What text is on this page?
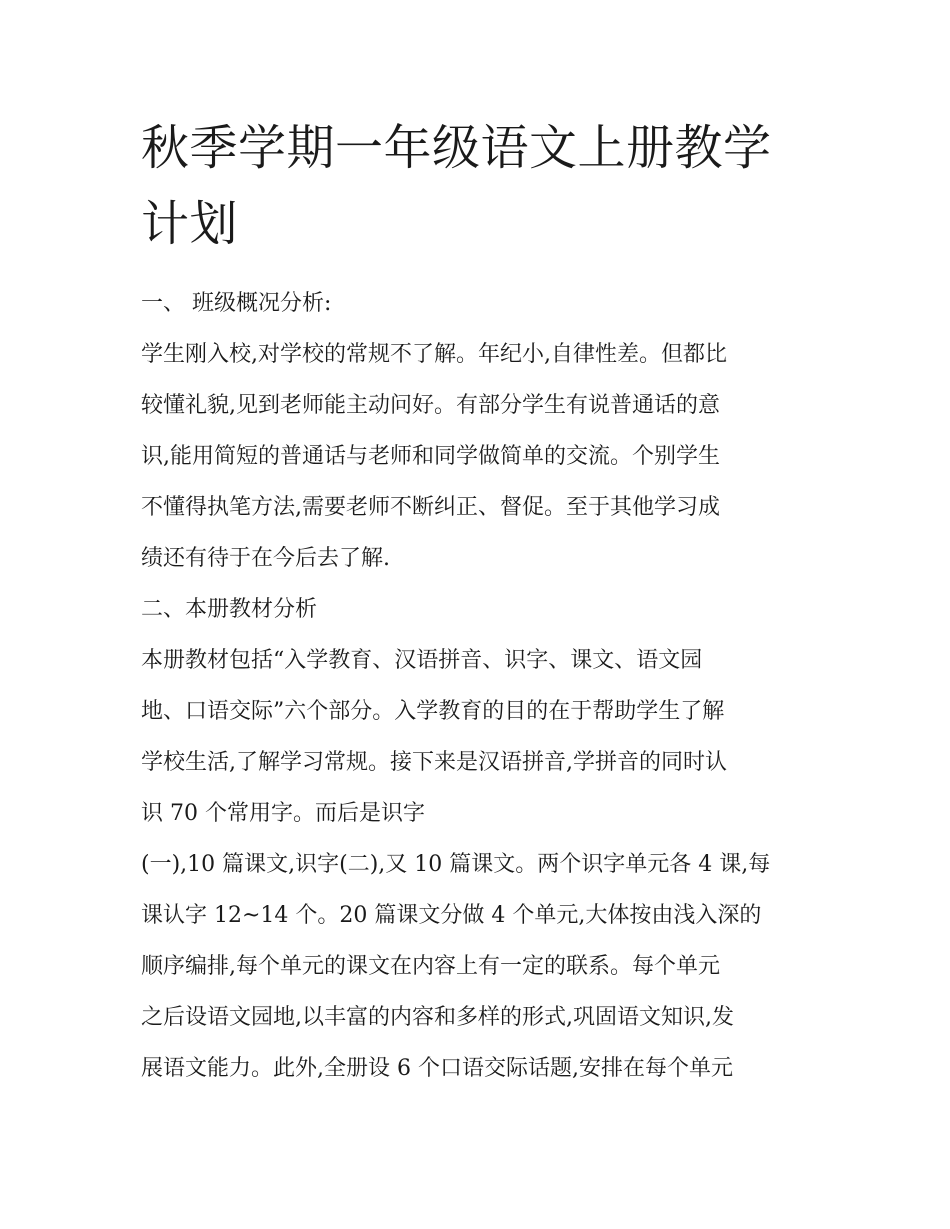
秋季学期一年级语文上册教学计划

一、 班级概况分析:

学生刚入校,对学校的常规不了解。年纪小,自律性差。但都比

较懂礼貌,见到老师能主动问好。有部分学生有说普通话的意

识,能用简短的普通话与老师和同学做简单的交流。个别学生

不懂得执笔方法,需要老师不断纠正、督促。至于其他学习成

绩还有待于在今后去了解.

二、本册教材分析

本册教材包括“入学教育、汉语拼音、识字、课文、语文园

地、口语交际”六个部分。入学教育的目的在于帮助学生了解

学校生活,了解学习常规。接下来是汉语拼音,学拼音的同时认

识 70 个常用字。而后是识字

(一),10 篇课文,识字(二),又 10 篇课文。两个识字单元各 4 课,每

课认字 12~14 个。20 篇课文分做 4 个单元,大体按由浅入深的

顺序编排,每个单元的课文在内容上有一定的联系。每个单元

之后设语文园地,以丰富的内容和多样的形式,巩固语文知识,发

展语文能力。此外,全册设 6 个口语交际话题,安排在每个单元
